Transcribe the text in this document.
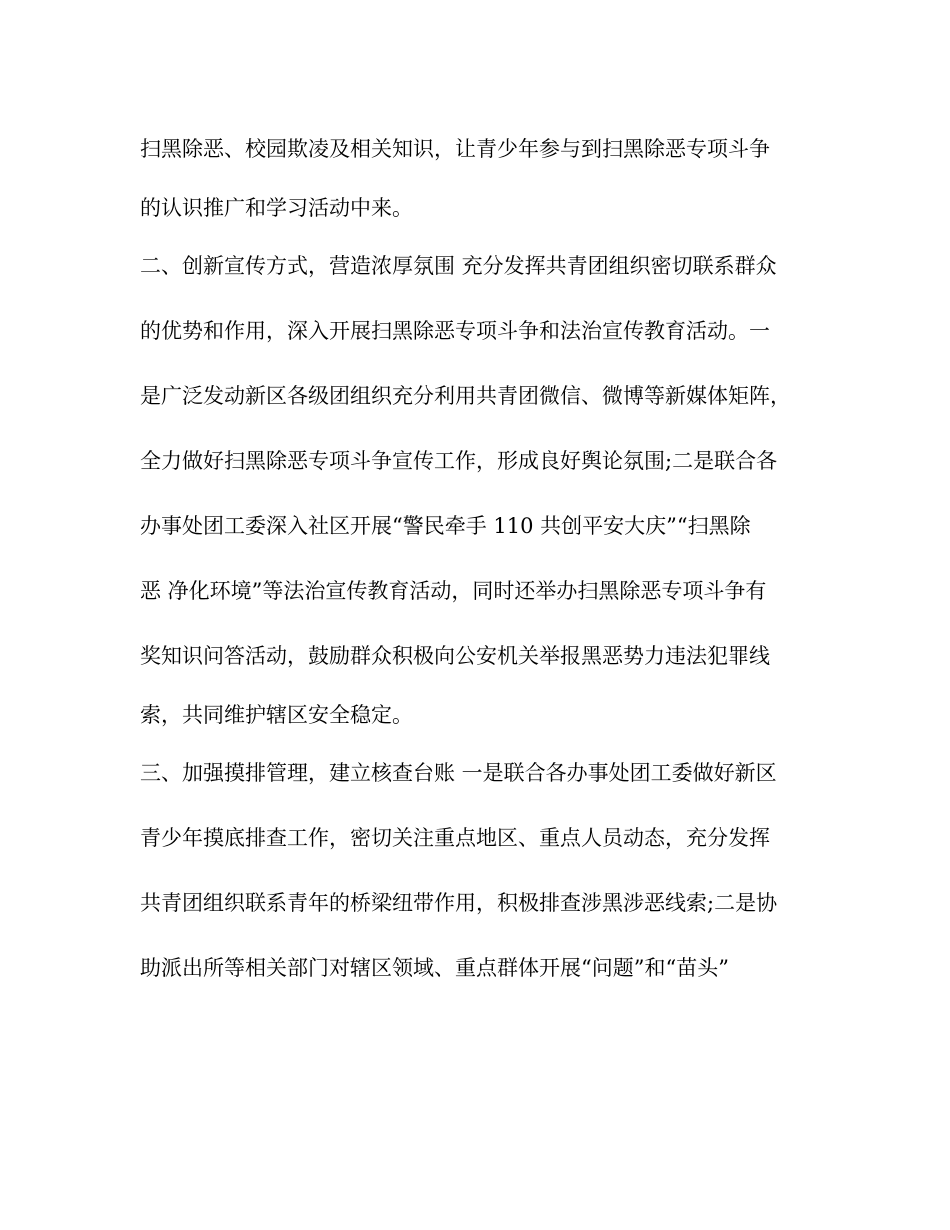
扫黑除恶、校园欺凌及相关知识，让青少年参与到扫黑除恶专项斗争
的认识推广和学习活动中来。
二、创新宣传方式，营造浓厚氛围 充分发挥共青团组织密切联系群众
的优势和作用，深入开展扫黑除恶专项斗争和法治宣传教育活动。一
是广泛发动新区各级团组织充分利用共青团微信、微博等新媒体矩阵，
全力做好扫黑除恶专项斗争宣传工作，形成良好舆论氛围;二是联合各
办事处团工委深入社区开展“警民牵手 110 共创平安大庆”“扫黑除
恶 净化环境”等法治宣传教育活动，同时还举办扫黑除恶专项斗争有
奖知识问答活动，鼓励群众积极向公安机关举报黑恶势力违法犯罪线
索，共同维护辖区安全稳定。
三、加强摸排管理，建立核查台账 一是联合各办事处团工委做好新区
青少年摸底排查工作，密切关注重点地区、重点人员动态，充分发挥
共青团组织联系青年的桥梁纽带作用，积极排查涉黑涉恶线索;二是协
助派出所等相关部门对辖区领域、重点群体开展“问题”和“苗头”
